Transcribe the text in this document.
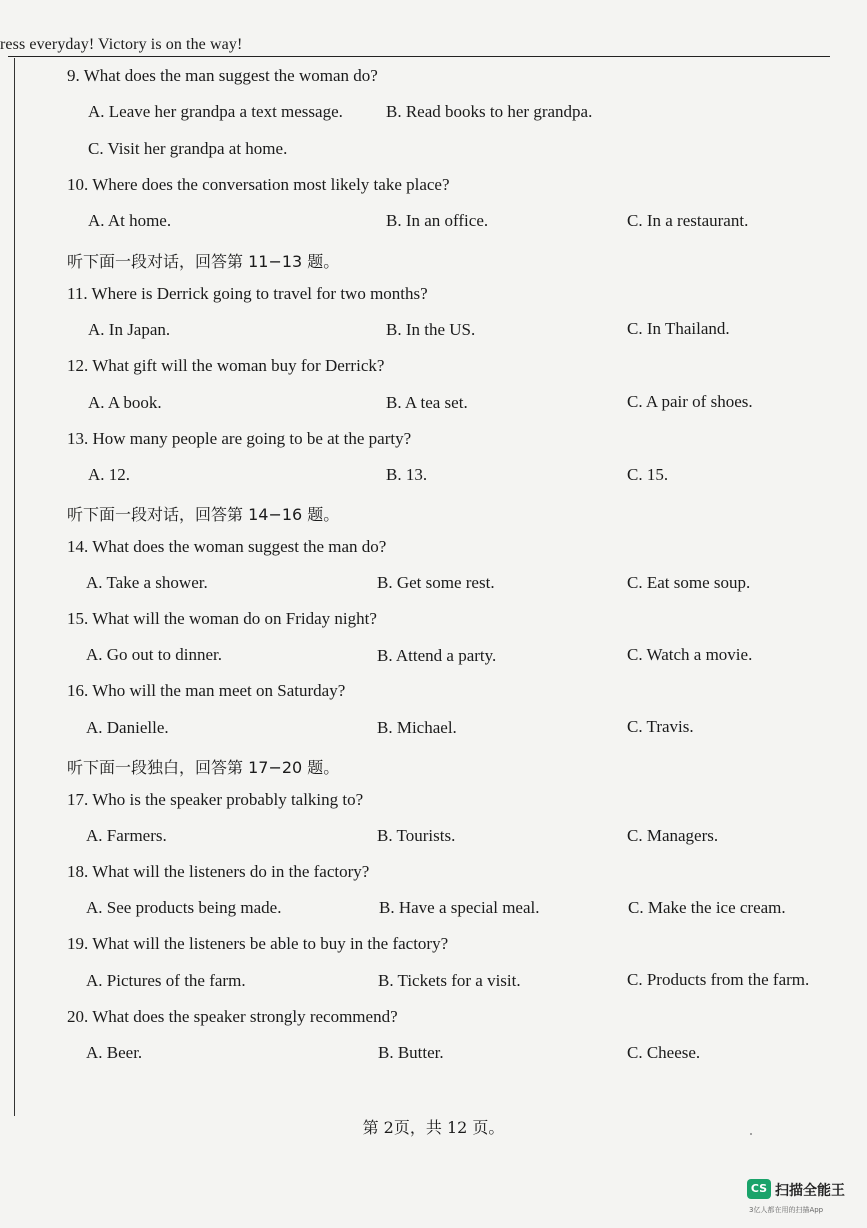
ress everyday! Victory is on the way!
9. What does the man suggest the woman do?
A. Leave her grandpa a text message.	B. Read books to her grandpa.
C. Visit her grandpa at home.
10. Where does the conversation most likely take place?
A. At home.	B. In an office.	C. In a restaurant.
听下面一段对话，回答第 11−13 题。
11. Where is Derrick going to travel for two months?
A. In Japan.	B. In the US.	C. In Thailand.
12. What gift will the woman buy for Derrick?
A. A book.	B. A tea set.	C. A pair of shoes.
13. How many people are going to be at the party?
A. 12.	B. 13.	C. 15.
听下面一段对话，回答第 14−16 题。
14. What does the woman suggest the man do?
A. Take a shower.	B. Get some rest.	C. Eat some soup.
15. What will the woman do on Friday night?
A. Go out to dinner.	B. Attend a party.	C. Watch a movie.
16. Who will the man meet on Saturday?
A. Danielle.	B. Michael.	C. Travis.
听下面一段独白，回答第 17−20 题。
17. Who is the speaker probably talking to?
A. Farmers.	B. Tourists.	C. Managers.
18. What will the listeners do in the factory?
A. See products being made.	B. Have a special meal.	C. Make the ice cream.
19. What will the listeners be able to buy in the factory?
A. Pictures of the farm.	B. Tickets for a visit.	C. Products from the farm.
20. What does the speaker strongly recommend?
A. Beer.	B. Butter.	C. Cheese.
第 2页，共 12 页。
CS 扫描全能王
3亿人都在用的扫描App
